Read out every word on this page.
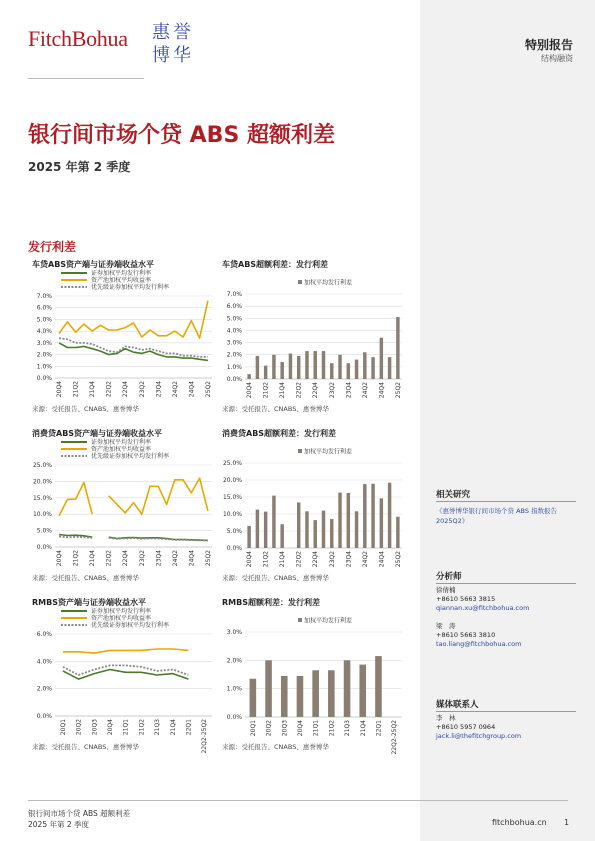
FitchBohua 惠 誉
博 华	特别报告
结构融资
银行间市场个贷 ABS 超额利差
2025 年第 2 季度
发行利差
车贷ABS资产端与证券端收益水平
证券加权平均发行利率
资产池加权平均收益率
优先级证券加权平均发行利率
0.0%
1.0%
2.0%
3.0%
4.0%
5.0%
6.0%
7.0%
20Q4 21Q2 21Q4 22Q2 22Q4 23Q2 23Q4 24Q2 24Q4 25Q2
来源：受托报告、CNABS、惠誉博华
车贷ABS超额利差：发行利差
加权平均发行利差
0.0%
1.0%
2.0%
3.0%
4.0%
5.0%
6.0%
7.0%
20Q4 21Q2 21Q4 22Q2 22Q4 23Q2 23Q4 24Q2 24Q4 25Q2
来源：受托报告、CNABS、惠誉博华
消费贷ABS资产端与证券端收益水平
证券加权平均发行利率
资产池加权平均收益率
优先级证券加权平均发行利率
0.0%
5.0%
10.0%
15.0%
20.0%
25.0%
20Q4 21Q2 21Q4 22Q2 22Q4 23Q2 23Q4 24Q2 24Q4 25Q2
来源：受托报告、CNABS、惠誉博华
消费贷ABS超额利差：发行利差
加权平均发行利差
0.0%
5.0%
10.0%
15.0%
20.0%
25.0%
20Q4 21Q2 21Q4 22Q2 22Q4 23Q2 23Q4 24Q2 24Q4 25Q2
来源：受托报告、CNABS、惠誉博华
RMBS资产端与证券端收益水平
证券加权平均发行利率
资产池加权平均收益率
优先级证券加权平均发行利率
0.0%
2.0%
4.0%
6.0%
20Q1 20Q2 20Q3 20Q4 21Q1 21Q2 21Q3 21Q4 22Q1 22Q2-25Q2
来源：受托报告、CNABS、惠誉博华
RMBS超额利差：发行利差
加权平均发行利差
0.0%
1.0%
2.0%
3.0%
20Q1 20Q2 20Q3 20Q4 21Q1 21Q2 21Q3 21Q4 22Q1 22Q2-25Q2
来源：受托报告、CNABS、惠誉博华
相关研究
《惠誉博华银行间市场个贷 ABS 指数报告 2025Q2》
分析师
徐倩楠
+8610 5663 3815
qiannan.xu@fitchbohua.com
梁　涛
+8610 5663 3810
tao.liang@fitchbohua.com
媒体联系人
李　林
+8610 5957 0964
jack.li@thefitchgroup.com
银行间市场个贷 ABS 超额利差
2025 年第 2 季度	fitchbohua.cn 1
